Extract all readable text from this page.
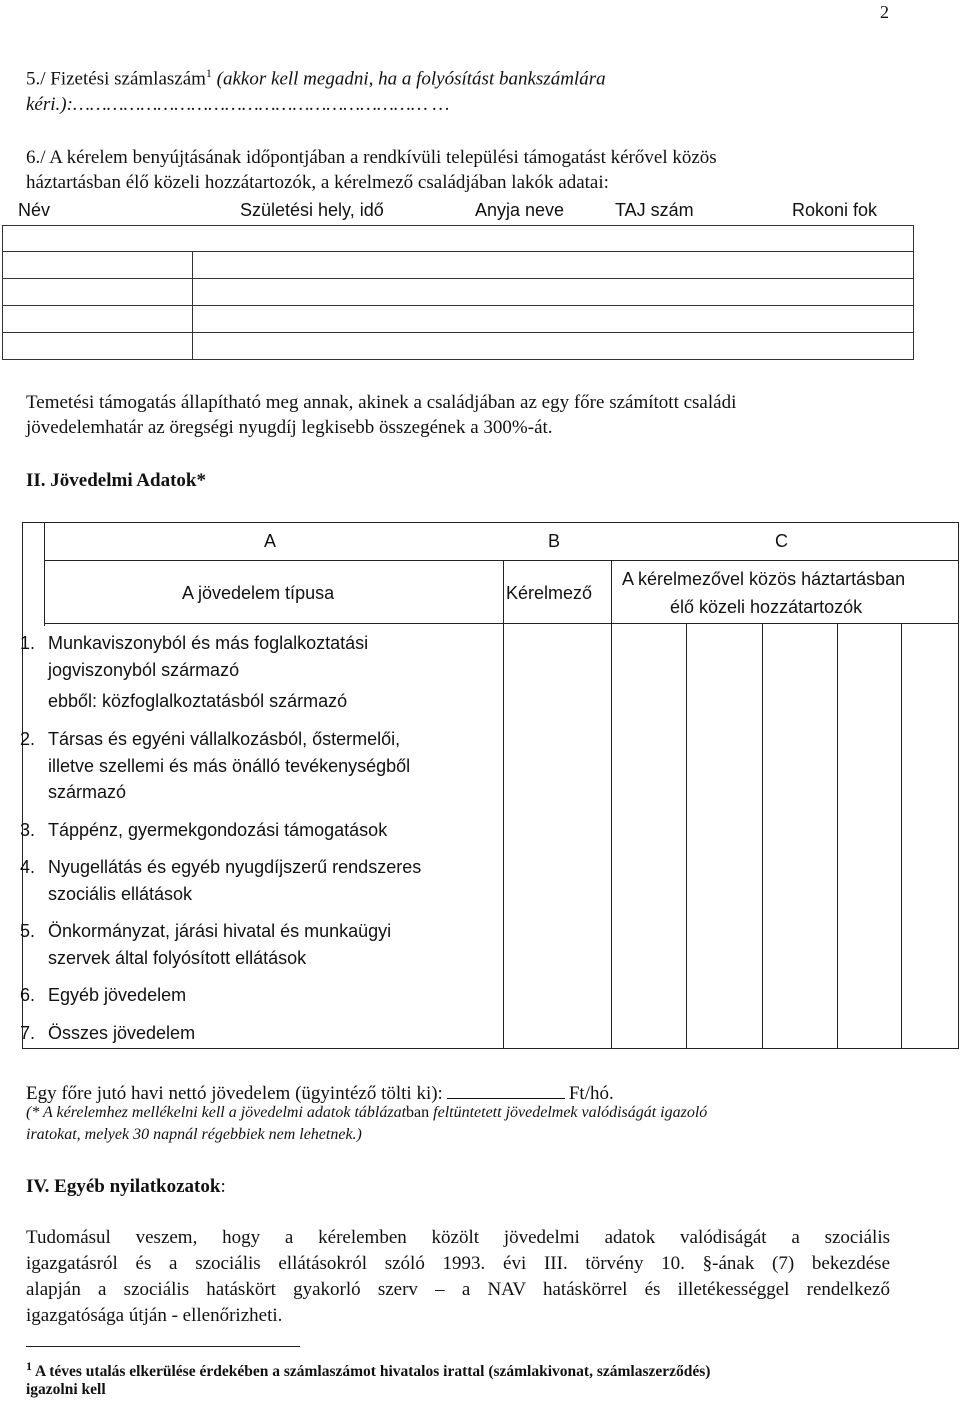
2
5./ Fizetési számlaszám$^1$ (akkor kell megadni, ha a folyósítást bankszámlára
kéri.):……………………………………………………… …
6./ A kérelem benyújtásának időpontjában a rendkívüli települési támogatást kérővel közös
háztartásban élő közeli hozzátartozók, a kérelmező családjában lakók adatai:
Név	Születési hely, idő	Anyja neve	TAJ szám	Rokoni fok
Temetési támogatás állapítható meg annak, akinek a családjában az egy főre számított családi
jövedelemhatár az öregségi nyugdíj legkisebb összegének a 300%-át.
II. Jövedelmi Adatok*
A	B	C
A jövedelem típusa	Kérelmező
A kérelmezővel közös háztartásban
élő közeli hozzátartozók
1. Munkaviszonyból és más foglalkoztatási
jogviszonyból származó
ebből: közfoglalkoztatásból származó
2. Társas és egyéni vállalkozásból, őstermelői,
illetve szellemi és más önálló tevékenységből
származó
3. Táppénz, gyermekgondozási támogatások
4. Nyugellátás és egyéb nyugdíjszerű rendszeres
szociális ellátások
5. Önkormányzat, járási hivatal és munkaügyi
szervek által folyósított ellátások
6. Egyéb jövedelem
7. Összes jövedelem
Egy főre jutó havi nettó jövedelem (ügyintéző tölti ki):	Ft/hó.
(* A kérelemhez mellékelni kell a jövedelmi adatok táblázatban feltüntetett jövedelmek valódiságát igazoló
iratokat, melyek 30 napnál régebbiek nem lehetnek.)
IV. Egyéb nyilatkozatok:
Tudomásul veszem, hogy a kérelemben közölt jövedelmi adatok valódiságát a szociális
igazgatásról és a szociális ellátásokról szóló 1993. évi III. törvény 10. §-ának (7) bekezdése
alapján a szociális hatáskört gyakorló szerv – a NAV hatáskörrel és illetékességgel rendelkező
igazgatósága útján - ellenőrizheti.
$^1$ A téves utalás elkerülése érdekében a számlaszámot hivatalos irattal (számlakivonat, számlaszerződés)
igazolni kell
